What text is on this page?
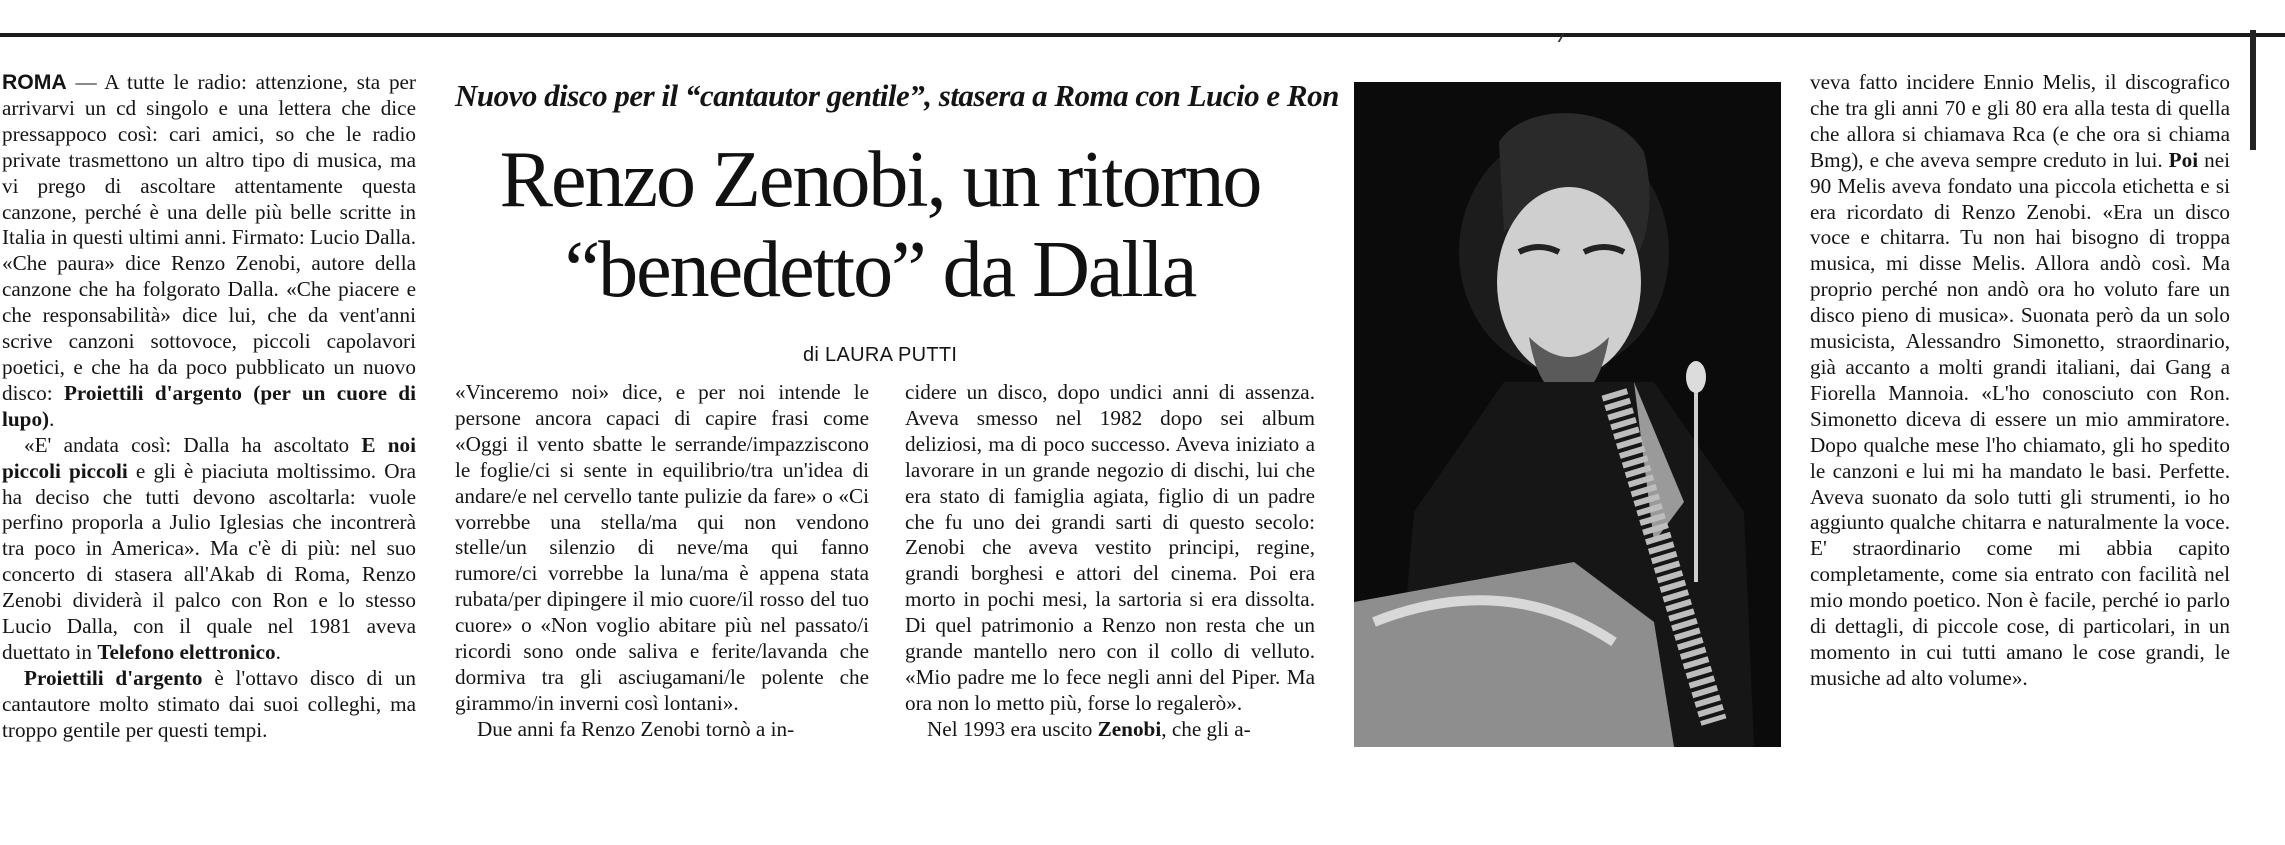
ROMA — A tutte le radio: attenzione, sta per arrivarvi un cd singolo e una lettera che dice pressappoco così: cari amici, so che le radio private trasmettono un altro tipo di musica, ma vi prego di ascoltare attentamente questa canzone, perché è una delle più belle scritte in Italia in questi ultimi anni. Firmato: Lucio Dalla. «Che paura» dice Renzo Zenobi, autore della canzone che ha folgorato Dalla. «Che piacere e che responsabilità» dice lui, che da vent'anni scrive canzoni sottovoce, piccoli capolavori poetici, e che ha da poco pubblicato un nuovo disco: Proiettili d'argento (per un cuore di lupo).

«E' andata così: Dalla ha ascoltato E noi piccoli piccoli e gli è piaciuta moltissimo. Ora ha deciso che tutti devono ascoltarla: vuole perfino proporla a Julio Iglesias che incontrerà tra poco in America». Ma c'è di più: nel suo concerto di stasera all'Akab di Roma, Renzo Zenobi dividerà il palco con Ron e lo stesso Lucio Dalla, con il quale nel 1981 aveva duettato in Telefono elettronico.

Proiettili d'argento è l'ottavo disco di un cantautore molto stimato dai suoi colleghi, ma troppo gentile per questi tempi.

Nuovo disco per il “cantautor gentile”, stasera a Roma con Lucio e Ron
Renzo Zenobi, un ritorno
“benedetto” da Dalla
di LAURA PUTTI

«Vinceremo noi» dice, e per noi intende le persone ancora capaci di capire frasi come «Oggi il vento sbatte le serrande/impazziscono le foglie/ci si sente in equilibrio/tra un'idea di andare/e nel cervello tante pulizie da fare» o «Ci vorrebbe una stella/ma qui non vendono stelle/un silenzio di neve/ma qui fanno rumore/ci vorrebbe la luna/ma è appena stata rubata/per dipingere il mio cuore/il rosso del tuo cuore» o «Non voglio abitare più nel passato/i ricordi sono onde saliva e ferite/lavanda che dormiva tra gli asciugamani/le polente che girammo/in inverni così lontani».

Due anni fa Renzo Zenobi tornò a in-

cidere un disco, dopo undici anni di assenza. Aveva smesso nel 1982 dopo sei album deliziosi, ma di poco successo. Aveva iniziato a lavorare in un grande negozio di dischi, lui che era stato di famiglia agiata, figlio di un padre che fu uno dei grandi sarti di questo secolo: Zenobi che aveva vestito principi, regine, grandi borghesi e attori del cinema. Poi era morto in pochi mesi, la sartoria si era dissolta. Di quel patrimonio a Renzo non resta che un grande mantello nero con il collo di velluto. «Mio padre me lo fece negli anni del Piper. Ma ora non lo metto più, forse lo regalerò».

Nel 1993 era uscito Zenobi, che gli a-

veva fatto incidere Ennio Melis, il discografico che tra gli anni 70 e gli 80 era alla testa di quella che allora si chiamava Rca (e che ora si chiama Bmg), e che aveva sempre creduto in lui. Poi nei 90 Melis aveva fondato una piccola etichetta e si era ricordato di Renzo Zenobi. «Era un disco voce e chitarra. Tu non hai bisogno di troppa musica, mi disse Melis. Allora andò così. Ma proprio perché non andò ora ho voluto fare un disco pieno di musica». Suonata però da un solo musicista, Alessandro Simonetto, straordinario, già accanto a molti grandi italiani, dai Gang a Fiorella Mannoia. «L'ho conosciuto con Ron. Simonetto diceva di essere un mio ammiratore. Dopo qualche mese l'ho chiamato, gli ho spedito le canzoni e lui mi ha mandato le basi. Perfette. Aveva suonato da solo tutti gli strumenti, io ho aggiunto qualche chitarra e naturalmente la voce. E' straordinario come mi abbia capito completamente, come sia entrato con facilità nel mio mondo poetico. Non è facile, perché io parlo di dettagli, di piccole cose, di particolari, in un momento in cui tutti amano le cose grandi, le musiche ad alto volume».
